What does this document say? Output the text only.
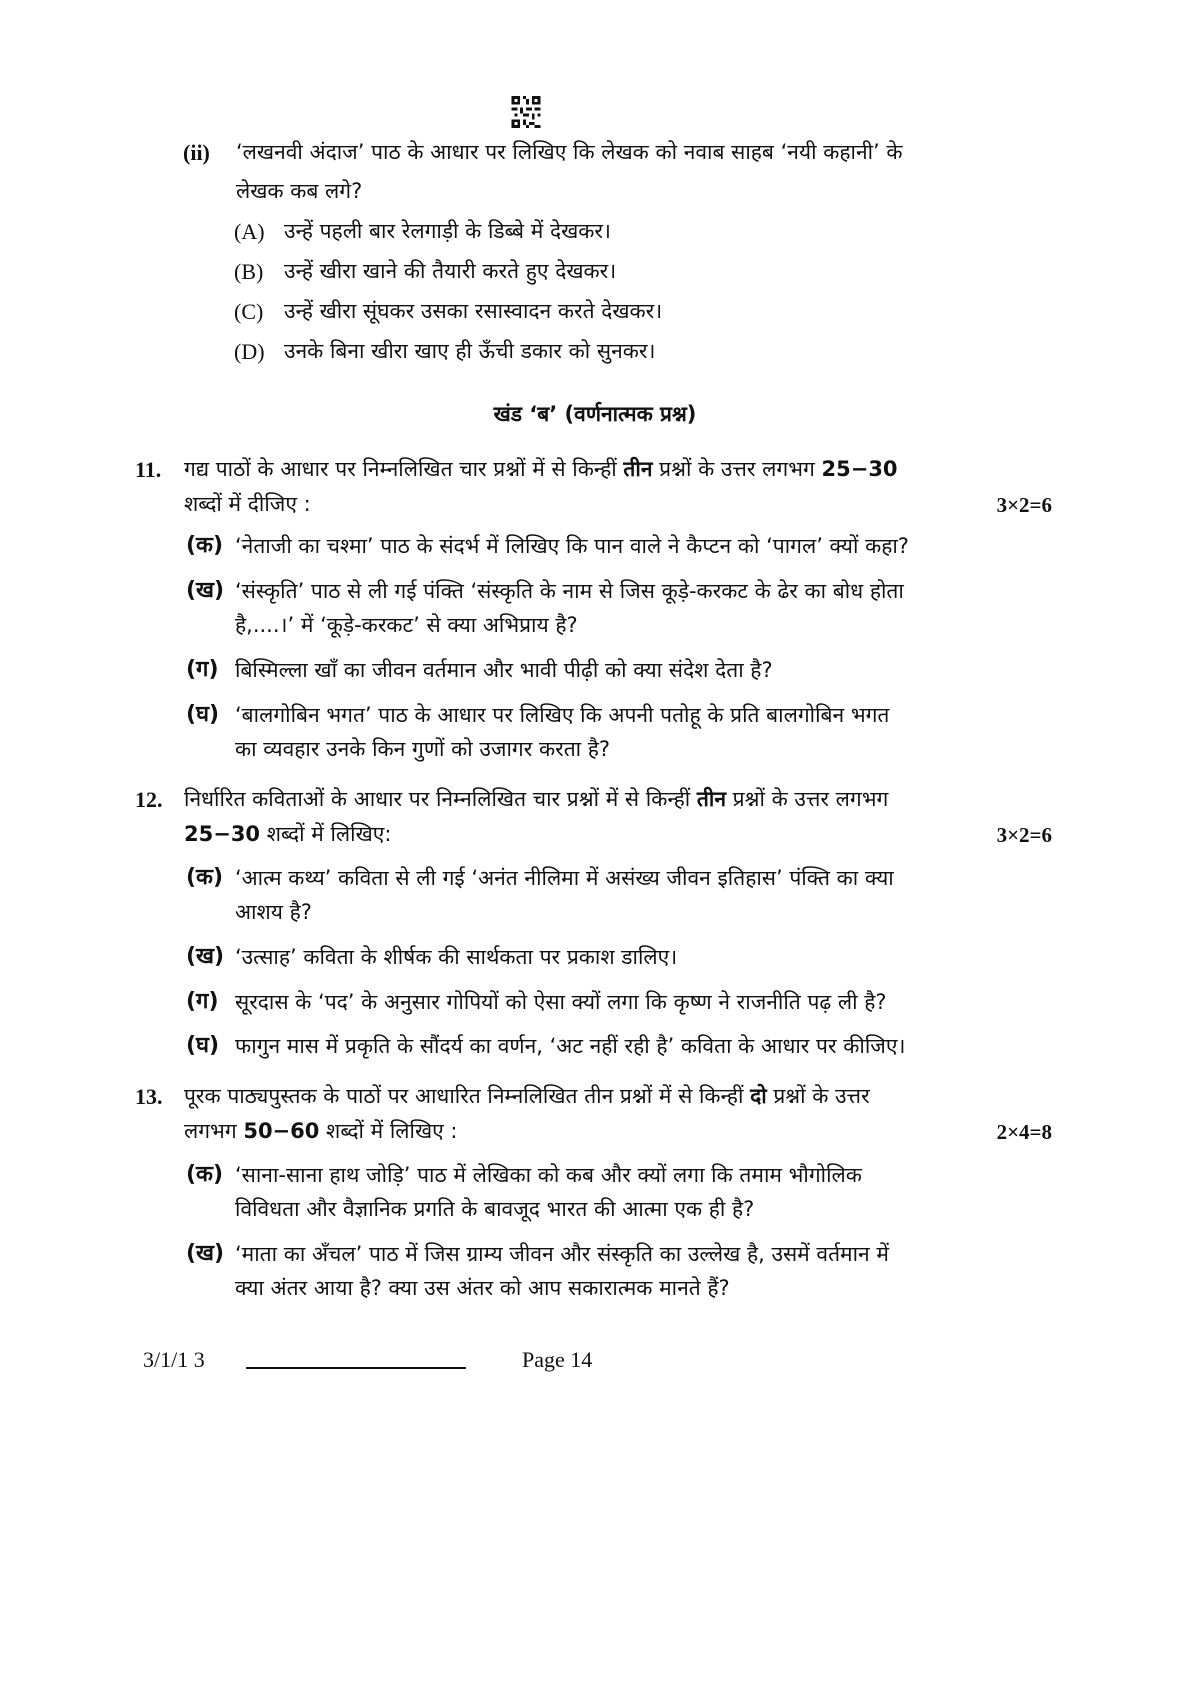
(ii) ‘लखनवी अंदाज’ पाठ के आधार पर लिखिए कि लेखक को नवाब साहब ‘नयी कहानी’ के
लेखक कब लगे?
(A) उन्हें पहली बार रेलगाड़ी के डिब्बे में देखकर।
(B) उन्हें खीरा खाने की तैयारी करते हुए देखकर।
(C) उन्हें खीरा सूंघकर उसका रसास्वादन करते देखकर।
(D) उनके बिना खीरा खाए ही ऊँची डकार को सुनकर।
खंड ‘ब’ (वर्णनात्मक प्रश्न)
11. गद्य पाठों के आधार पर निम्नलिखित चार प्रश्नों में से किन्हीं तीन प्रश्नों के उत्तर लगभग 25−30
शब्दों में दीजिए :	3×2=6
(क) ‘नेताजी का चश्मा’ पाठ के संदर्भ में लिखिए कि पान वाले ने कैप्टन को ‘पागल’ क्यों कहा?
(ख) ‘संस्कृति’ पाठ से ली गई पंक्ति ‘संस्कृति के नाम से जिस कूड़े-करकट के ढेर का बोध होता
है,....।’ में ‘कूड़े-करकट’ से क्या अभिप्राय है?
(ग) बिस्मिल्ला खाँ का जीवन वर्तमान और भावी पीढ़ी को क्या संदेश देता है?
(घ) ‘बालगोबिन भगत’ पाठ के आधार पर लिखिए कि अपनी पतोहू के प्रति बालगोबिन भगत
का व्यवहार उनके किन गुणों को उजागर करता है?
12. निर्धारित कविताओं के आधार पर निम्नलिखित चार प्रश्नों में से किन्हीं तीन प्रश्नों के उत्तर लगभग
25−30 शब्दों में लिखिए:	3×2=6
(क) ‘आत्म कथ्य’ कविता से ली गई ‘अनंत नीलिमा में असंख्य जीवन इतिहास’ पंक्ति का क्या
आशय है?
(ख) ‘उत्साह’ कविता के शीर्षक की सार्थकता पर प्रकाश डालिए।
(ग) सूरदास के ‘पद’ के अनुसार गोपियों को ऐसा क्यों लगा कि कृष्ण ने राजनीति पढ़ ली है?
(घ) फागुन मास में प्रकृति के सौंदर्य का वर्णन, ‘अट नहीं रही है’ कविता के आधार पर कीजिए।
13. पूरक पाठ्यपुस्तक के पाठों पर आधारित निम्नलिखित तीन प्रश्नों में से किन्हीं दो प्रश्नों के उत्तर
लगभग 50−60 शब्दों में लिखिए :	2×4=8
(क) ‘साना-साना हाथ जोड़ि’ पाठ में लेखिका को कब और क्यों लगा कि तमाम भौगोलिक
विविधता और वैज्ञानिक प्रगति के बावजूद भारत की आत्मा एक ही है?
(ख) ‘माता का अँचल’ पाठ में जिस ग्राम्य जीवन और संस्कृति का उल्लेख है, उसमें वर्तमान में
क्या अंतर आया है? क्या उस अंतर को आप सकारात्मक मानते हैं?
3/1/1 3	Page 14
